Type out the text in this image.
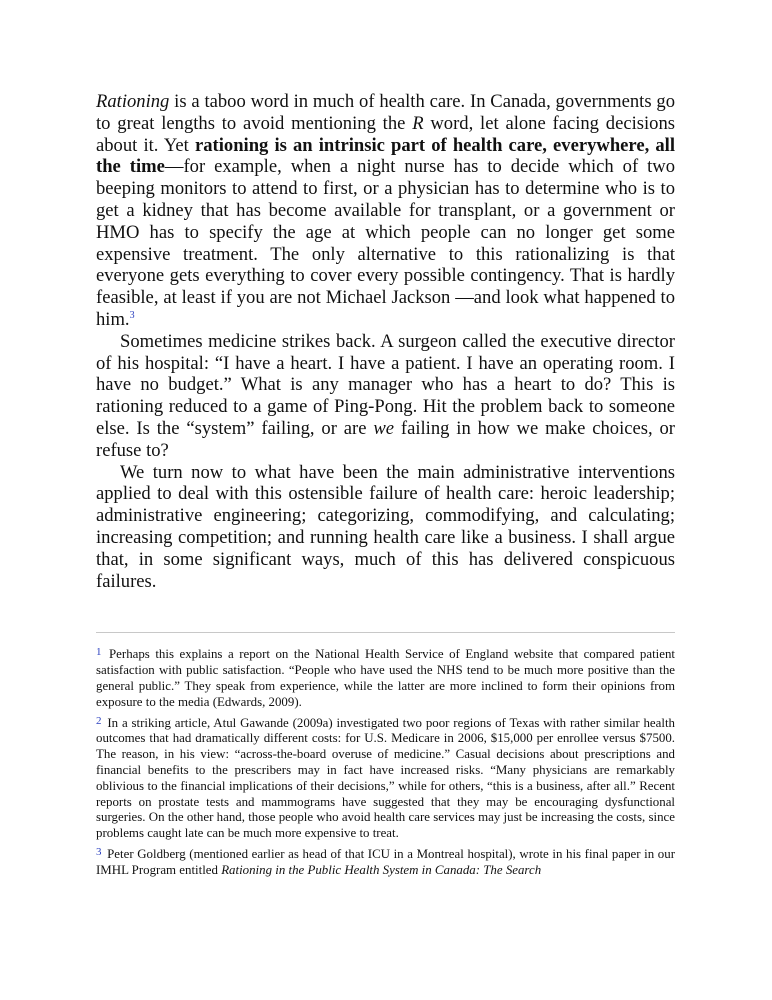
Rationing is a taboo word in much of health care. In Canada, governments go to great lengths to avoid mentioning the R word, let alone facing decisions about it. Yet rationing is an intrinsic part of health care, everywhere, all the time—for example, when a night nurse has to decide which of two beeping monitors to attend to first, or a physician has to determine who is to get a kidney that has become available for transplant, or a government or HMO has to specify the age at which people can no longer get some expensive treatment. The only alternative to this rationalizing is that everyone gets everything to cover every possible contingency. That is hardly feasible, at least if you are not Michael Jackson —and look what happened to him.$^3$

Sometimes medicine strikes back. A surgeon called the executive director of his hospital: “I have a heart. I have a patient. I have an operating room. I have no budget.” What is any manager who has a heart to do? This is rationing reduced to a game of Ping-Pong. Hit the problem back to someone else. Is the “system” failing, or are we failing in how we make choices, or refuse to?

We turn now to what have been the main administrative interventions applied to deal with this ostensible failure of health care: heroic leadership; administrative engineering; categorizing, commodifying, and calculating; increasing competition; and running health care like a business. I shall argue that, in some significant ways, much of this has delivered conspicuous failures.

$^1$ Perhaps this explains a report on the National Health Service of England website that compared patient satisfaction with public satisfaction. “People who have used the NHS tend to be much more positive than the general public.” They speak from experience, while the latter are more inclined to form their opinions from exposure to the media (Edwards, 2009).

$^2$ In a striking article, Atul Gawande (2009a) investigated two poor regions of Texas with rather similar health outcomes that had dramatically different costs: for U.S. Medicare in 2006, $15,000 per enrollee versus $7500. The reason, in his view: “across-the-board overuse of medicine.” Casual decisions about prescriptions and financial benefits to the prescribers may in fact have increased risks. “Many physicians are remarkably oblivious to the financial implications of their decisions,” while for others, “this is a business, after all.” Recent reports on prostate tests and mammograms have suggested that they may be encouraging dysfunctional surgeries. On the other hand, those people who avoid health care services may just be increasing the costs, since problems caught late can be much more expensive to treat.

$^3$ Peter Goldberg (mentioned earlier as head of that ICU in a Montreal hospital), wrote in his final paper in our IMHL Program entitled Rationing in the Public Health System in Canada: The Search
